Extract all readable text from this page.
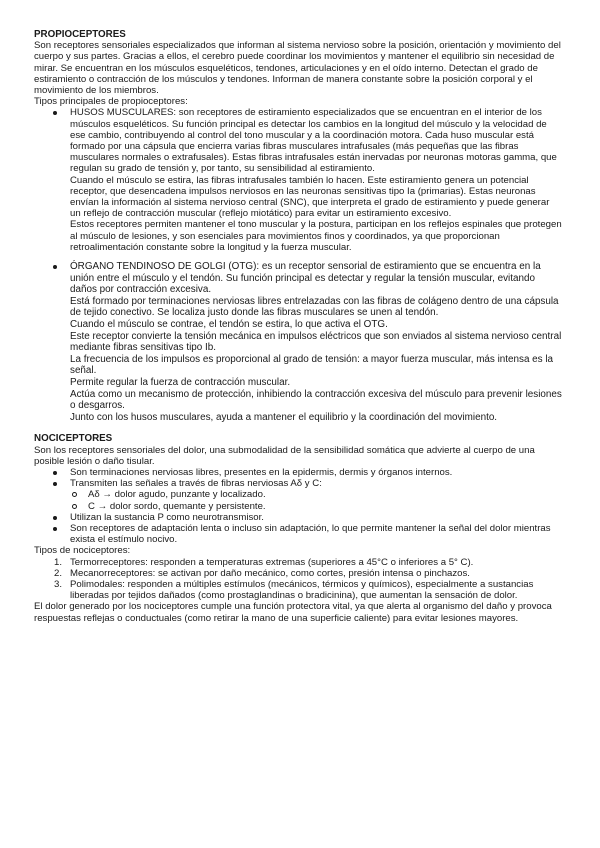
PROPIOCEPTORES

Son receptores sensoriales especializados que informan al sistema nervioso sobre la posición, orientación y movimiento del cuerpo y sus partes. Gracias a ellos, el cerebro puede coordinar los movimientos y mantener el equilibrio sin necesidad de mirar. Se encuentran en los músculos esqueléticos, tendones, articulaciones y en el oído interno. Detectan el grado de estiramiento o contracción de los músculos y tendones. Informan de manera constante sobre la posición corporal y el movimiento de los miembros.

Tipos principales de propioceptores:

HUSOS MUSCULARES: son receptores de estiramiento especializados que se encuentran en el interior de los músculos esqueléticos. Su función principal es detectar los cambios en la longitud del músculo y la velocidad de ese cambio, contribuyendo al control del tono muscular y a la coordinación motora. Cada huso muscular está formado por una cápsula que encierra varias fibras musculares intrafusales (más pequeñas que las fibras musculares normales o extrafusales). Estas fibras intrafusales están inervadas por neuronas motoras gamma, que regulan su grado de tensión y, por tanto, su sensibilidad al estiramiento.

Cuando el músculo se estira, las fibras intrafusales también lo hacen. Este estiramiento genera un potencial receptor, que desencadena impulsos nerviosos en las neuronas sensitivas tipo Ia (primarias). Estas neuronas envían la información al sistema nervioso central (SNC), que interpreta el grado de estiramiento y puede generar un reflejo de contracción muscular (reflejo miotático) para evitar un estiramiento excesivo.

Estos receptores permiten mantener el tono muscular y la postura, participan en los reflejos espinales que protegen al músculo de lesiones, y son esenciales para movimientos finos y coordinados, ya que proporcionan retroalimentación constante sobre la longitud y la fuerza muscular.

ÓRGANO TENDINOSO DE GOLGI (OTG): es un receptor sensorial de estiramiento que se encuentra en la unión entre el músculo y el tendón. Su función principal es detectar y regular la tensión muscular, evitando daños por contracción excesiva.

Está formado por terminaciones nerviosas libres entrelazadas con las fibras de colágeno dentro de una cápsula de tejido conectivo. Se localiza justo donde las fibras musculares se unen al tendón.

Cuando el músculo se contrae, el tendón se estira, lo que activa el OTG.

Este receptor convierte la tensión mecánica en impulsos eléctricos que son enviados al sistema nervioso central mediante fibras sensitivas tipo Ib.

La frecuencia de los impulsos es proporcional al grado de tensión: a mayor fuerza muscular, más intensa es la señal.

Permite regular la fuerza de contracción muscular.

Actúa como un mecanismo de protección, inhibiendo la contracción excesiva del músculo para prevenir lesiones o desgarros.

Junto con los husos musculares, ayuda a mantener el equilibrio y la coordinación del movimiento.

NOCICEPTORES

Son los receptores sensoriales del dolor, una submodalidad de la sensibilidad somática que advierte al cuerpo de una posible lesión o daño tisular.

Son terminaciones nerviosas libres, presentes en la epidermis, dermis y órganos internos.
Transmiten las señales a través de fibras nerviosas Aδ y C:
Aδ → dolor agudo, punzante y localizado.
C → dolor sordo, quemante y persistente.
Utilizan la sustancia P como neurotransmisor.
Son receptores de adaptación lenta o incluso sin adaptación, lo que permite mantener la señal del dolor mientras exista el estímulo nocivo.

Tipos de nociceptores:

1. Termorreceptores: responden a temperaturas extremas (superiores a 45°C o inferiores a 5° C).
2. Mecanorreceptores: se activan por daño mecánico, como cortes, presión intensa o pinchazos.
3. Polimodales: responden a múltiples estímulos (mecánicos, térmicos y químicos), especialmente a sustancias liberadas por tejidos dañados (como prostaglandinas o bradicinina), que aumentan la sensación de dolor.

El dolor generado por los nociceptores cumple una función protectora vital, ya que alerta al organismo del daño y provoca respuestas reflejas o conductuales (como retirar la mano de una superficie caliente) para evitar lesiones mayores.
